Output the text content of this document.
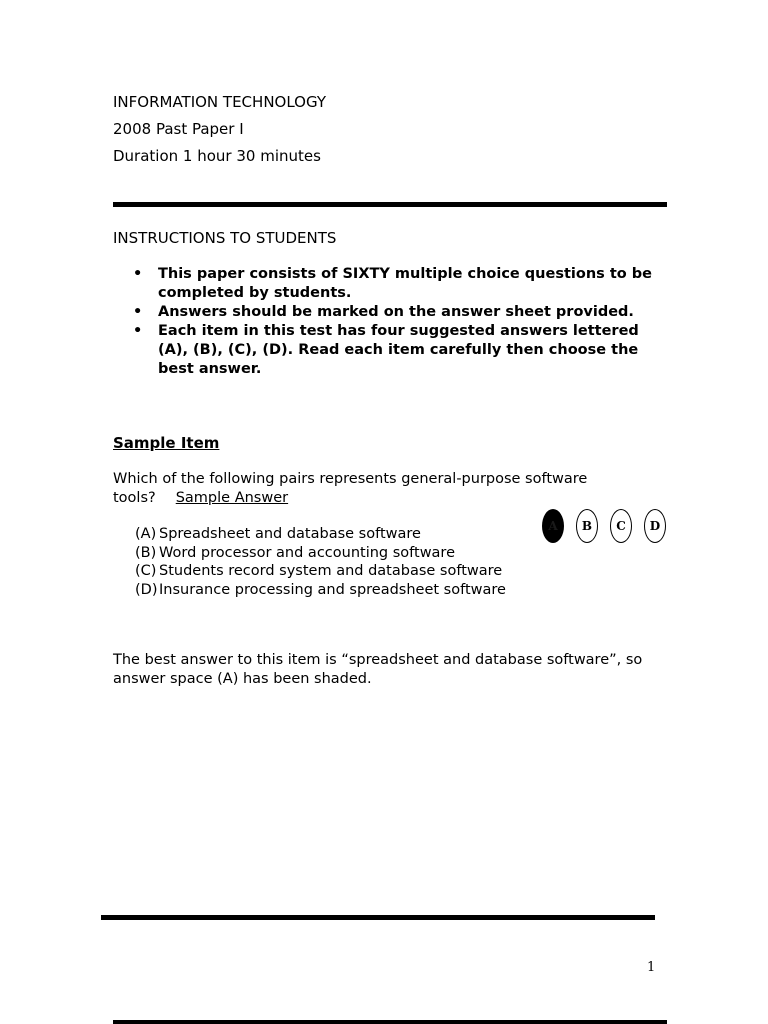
INFORMATION TECHNOLOGY
2008 Past Paper I
Duration 1 hour 30 minutes
INSTRUCTIONS TO STUDENTS
• This paper consists of SIXTY multiple choice questions to be completed by students.
• Answers should be marked on the answer sheet provided.
• Each item in this test has four suggested answers lettered (A), (B), (C), (D). Read each item carefully then choose the best answer.
Sample Item
Which of the following pairs represents general-purpose software tools? Sample Answer
(A) Spreadsheet and database software
(B) Word processor and accounting software
(C) Students record system and database software
(D) Insurance processing and spreadsheet software
A	B	C	D
The best answer to this item is “spreadsheet and database software”, so answer space (A) has been shaded.
1
